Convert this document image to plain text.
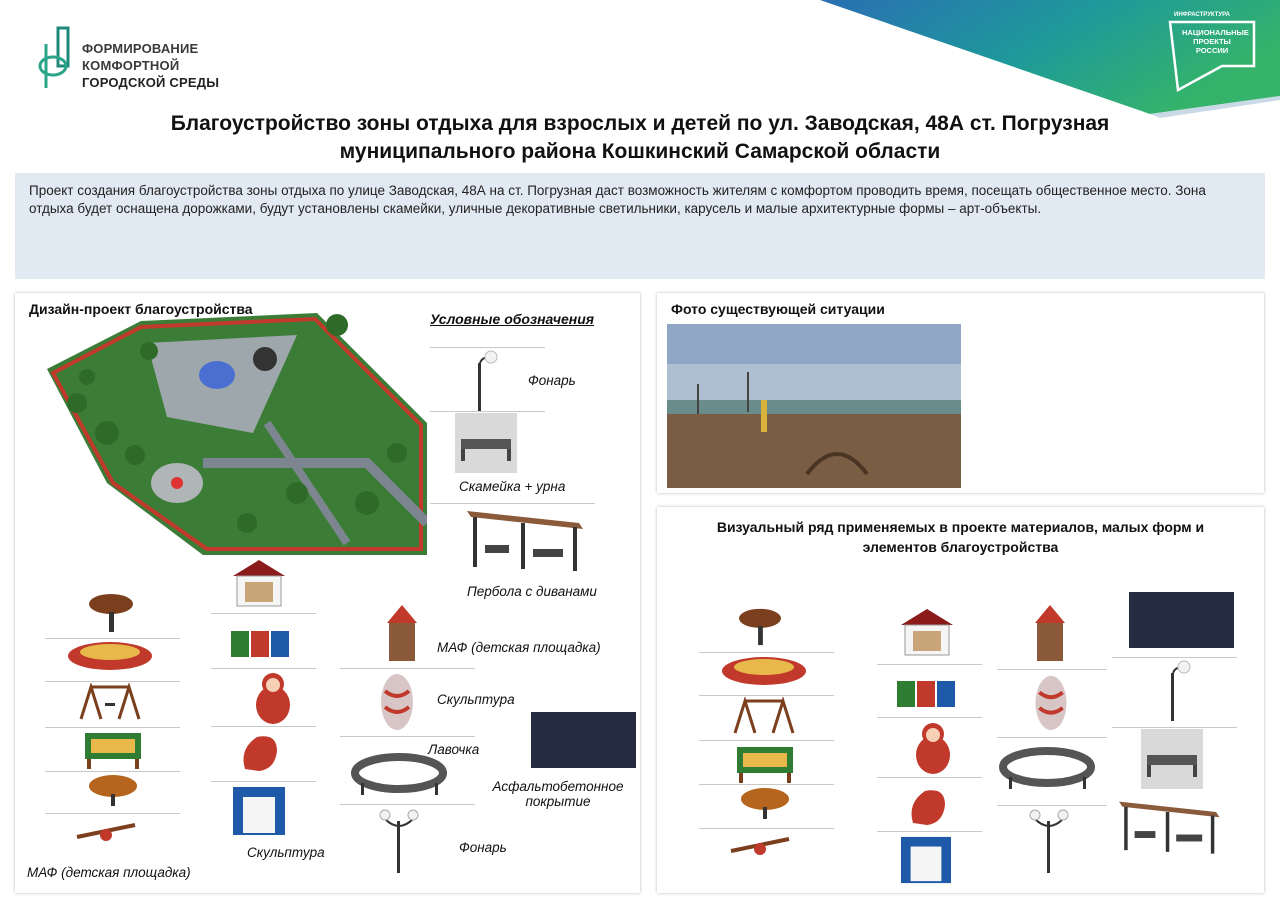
ФОРМИРОВАНИЕ
КОМФОРТНОЙ
ГОРОДСКОЙ СРЕДЫ
ИНФРАСТРУКТУРА
НАЦИОНАЛЬНЫЕ
ПРОЕКТЫ
РОССИИ
Благоустройство зоны отдыха для взрослых и детей по ул. Заводская, 48А ст. Погрузная
муниципального района Кошкинский Самарской области
Проект создания благоустройства зоны отдыха по улице Заводская, 48А на ст. Погрузная даст возможность жителям с комфортом проводить время, посещать общественное место. Зона отдыха будет оснащена дорожками, будут установлены скамейки, уличные декоративные светильники, карусель и малые архитектурные формы – арт-объекты.
Дизайн-проект благоустройства
Условные обозначения
Фонарь
Скамейка + урна
Пербола с диванами
МАФ (детская площадка)
Скульптура
МАФ (детская площадка)
Скульптура
Лавочка
Фонарь
Асфальтобетонное
покрытие
Фото существующей ситуации
Визуальный ряд применяемых в проекте материалов, малых форм и
элементов благоустройства
